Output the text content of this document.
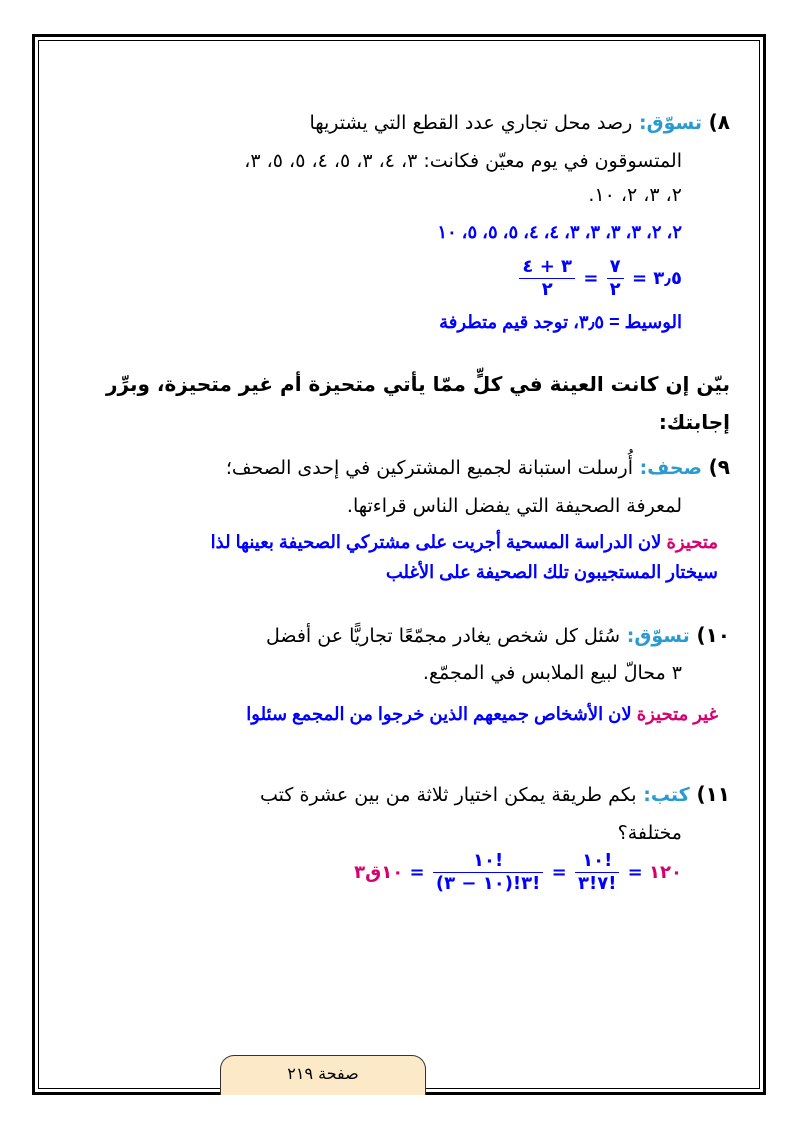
٨) تسوّق: رصد محل تجاري عدد القطع التي يشتريها
المتسوقون في يوم معيّن فكانت: ٣، ٤، ٣، ٥، ٤، ٥، ٥، ٣،
٢، ٣، ٢، ١٠.
٢، ٢، ٣، ٣، ٣، ٣، ٤، ٤، ٥، ٥، ٥، ١٠
٣٫٥ =
$\frac{٧}{٢}$
=
$\frac{٣ + ٤}{٢}$
الوسيط = ٣٫٥، توجد قيم متطرفة
بيّن إن كانت العينة في كلٍّ ممّا يأتي متحيزة أم غير متحيزة، وبرِّر
إجابتك:
٩) صحف: أُرسلت استبانة لجميع المشتركين في إحدى الصحف؛
لمعرفة الصحيفة التي يفضل الناس قراءتها.
متحيزة لان الدراسة المسحية أجريت على مشتركي الصحيفة بعينها لذا
سيختار المستجيبون تلك الصحيفة على الأغلب
١٠) تسوّق: سُئل كل شخص يغادر مجمّعًا تجاريًّا عن أفضل
٣ محالّ لبيع الملابس في المجمّع.
غير متحيزة لان الأشخاص جميعهم الذين خرجوا من المجمع سئلوا
١١) كتب: بكم طريقة يمكن اختيار ثلاثة من بين عشرة كتب
مختلفة؟
١٢٠ =
$\frac{١٠!}{٧!٣!}$
=
$\frac{١٠!}{(١٠ - ٣)!٣!}$
= ١٠ق٣
صفحة ٢١٩
